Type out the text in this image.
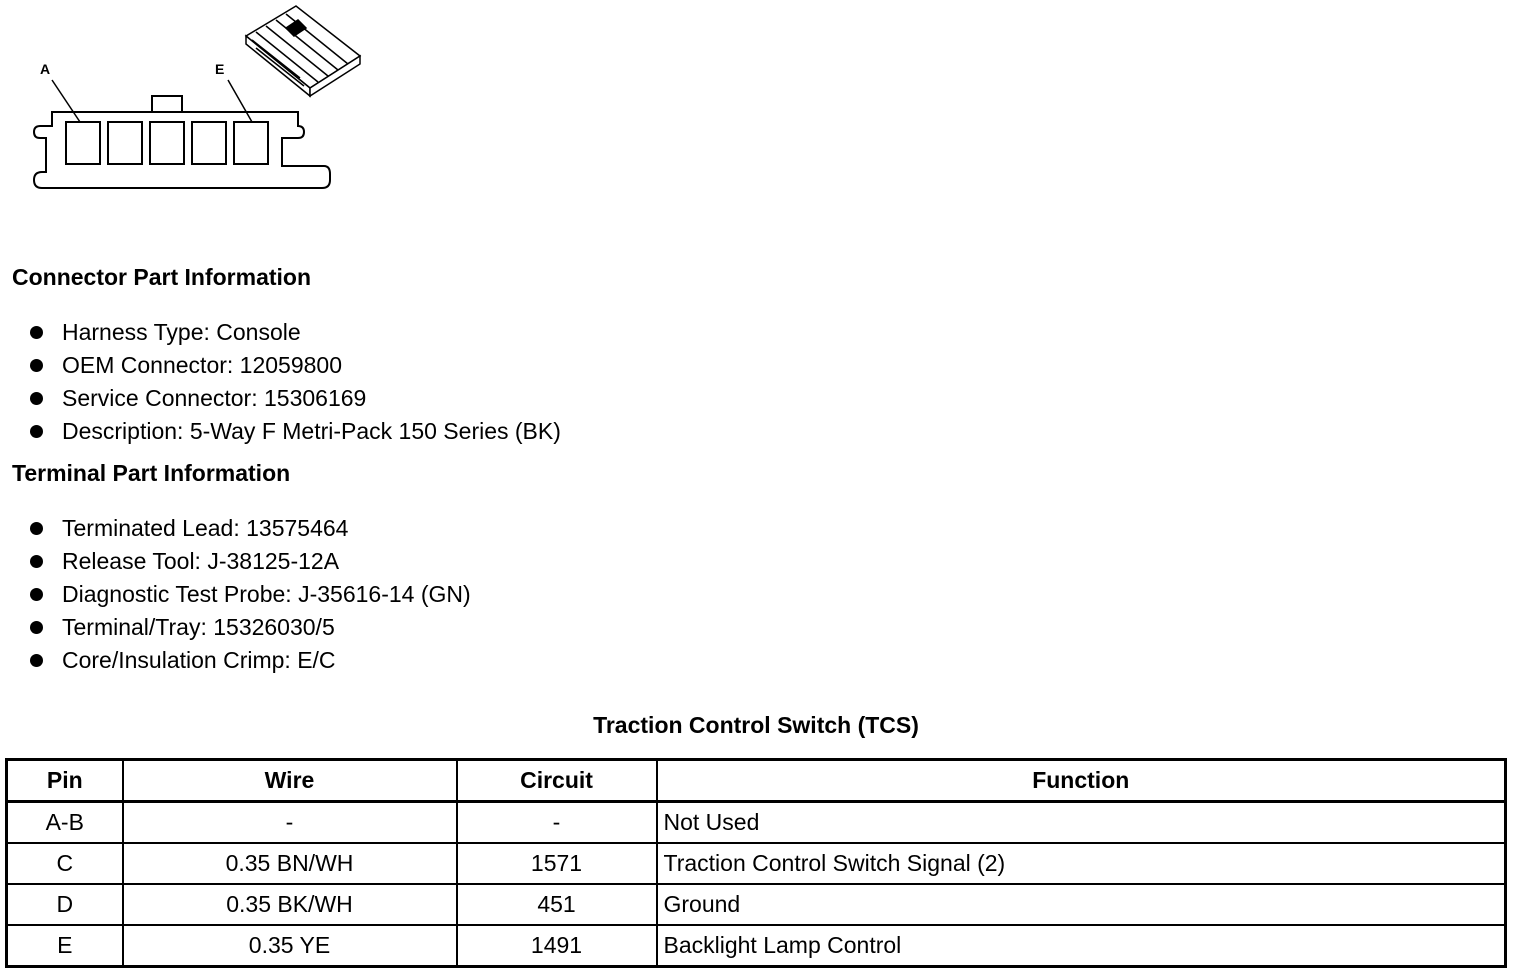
A	E
Connector Part Information
Harness Type: Console
OEM Connector: 12059800
Service Connector: 15306169
Description: 5-Way F Metri-Pack 150 Series (BK)
Terminal Part Information
Terminated Lead: 13575464
Release Tool: J-38125-12A
Diagnostic Test Probe: J-35616-14 (GN)
Terminal/Tray: 15326030/5
Core/Insulation Crimp: E/C
Traction Control Switch (TCS)
Pin	Wire	Circuit	Function
A-B	-	-	Not Used
C	0.35 BN/WH	1571	Traction Control Switch Signal (2)
D	0.35 BK/WH	451	Ground
E	0.35 YE	1491	Backlight Lamp Control
